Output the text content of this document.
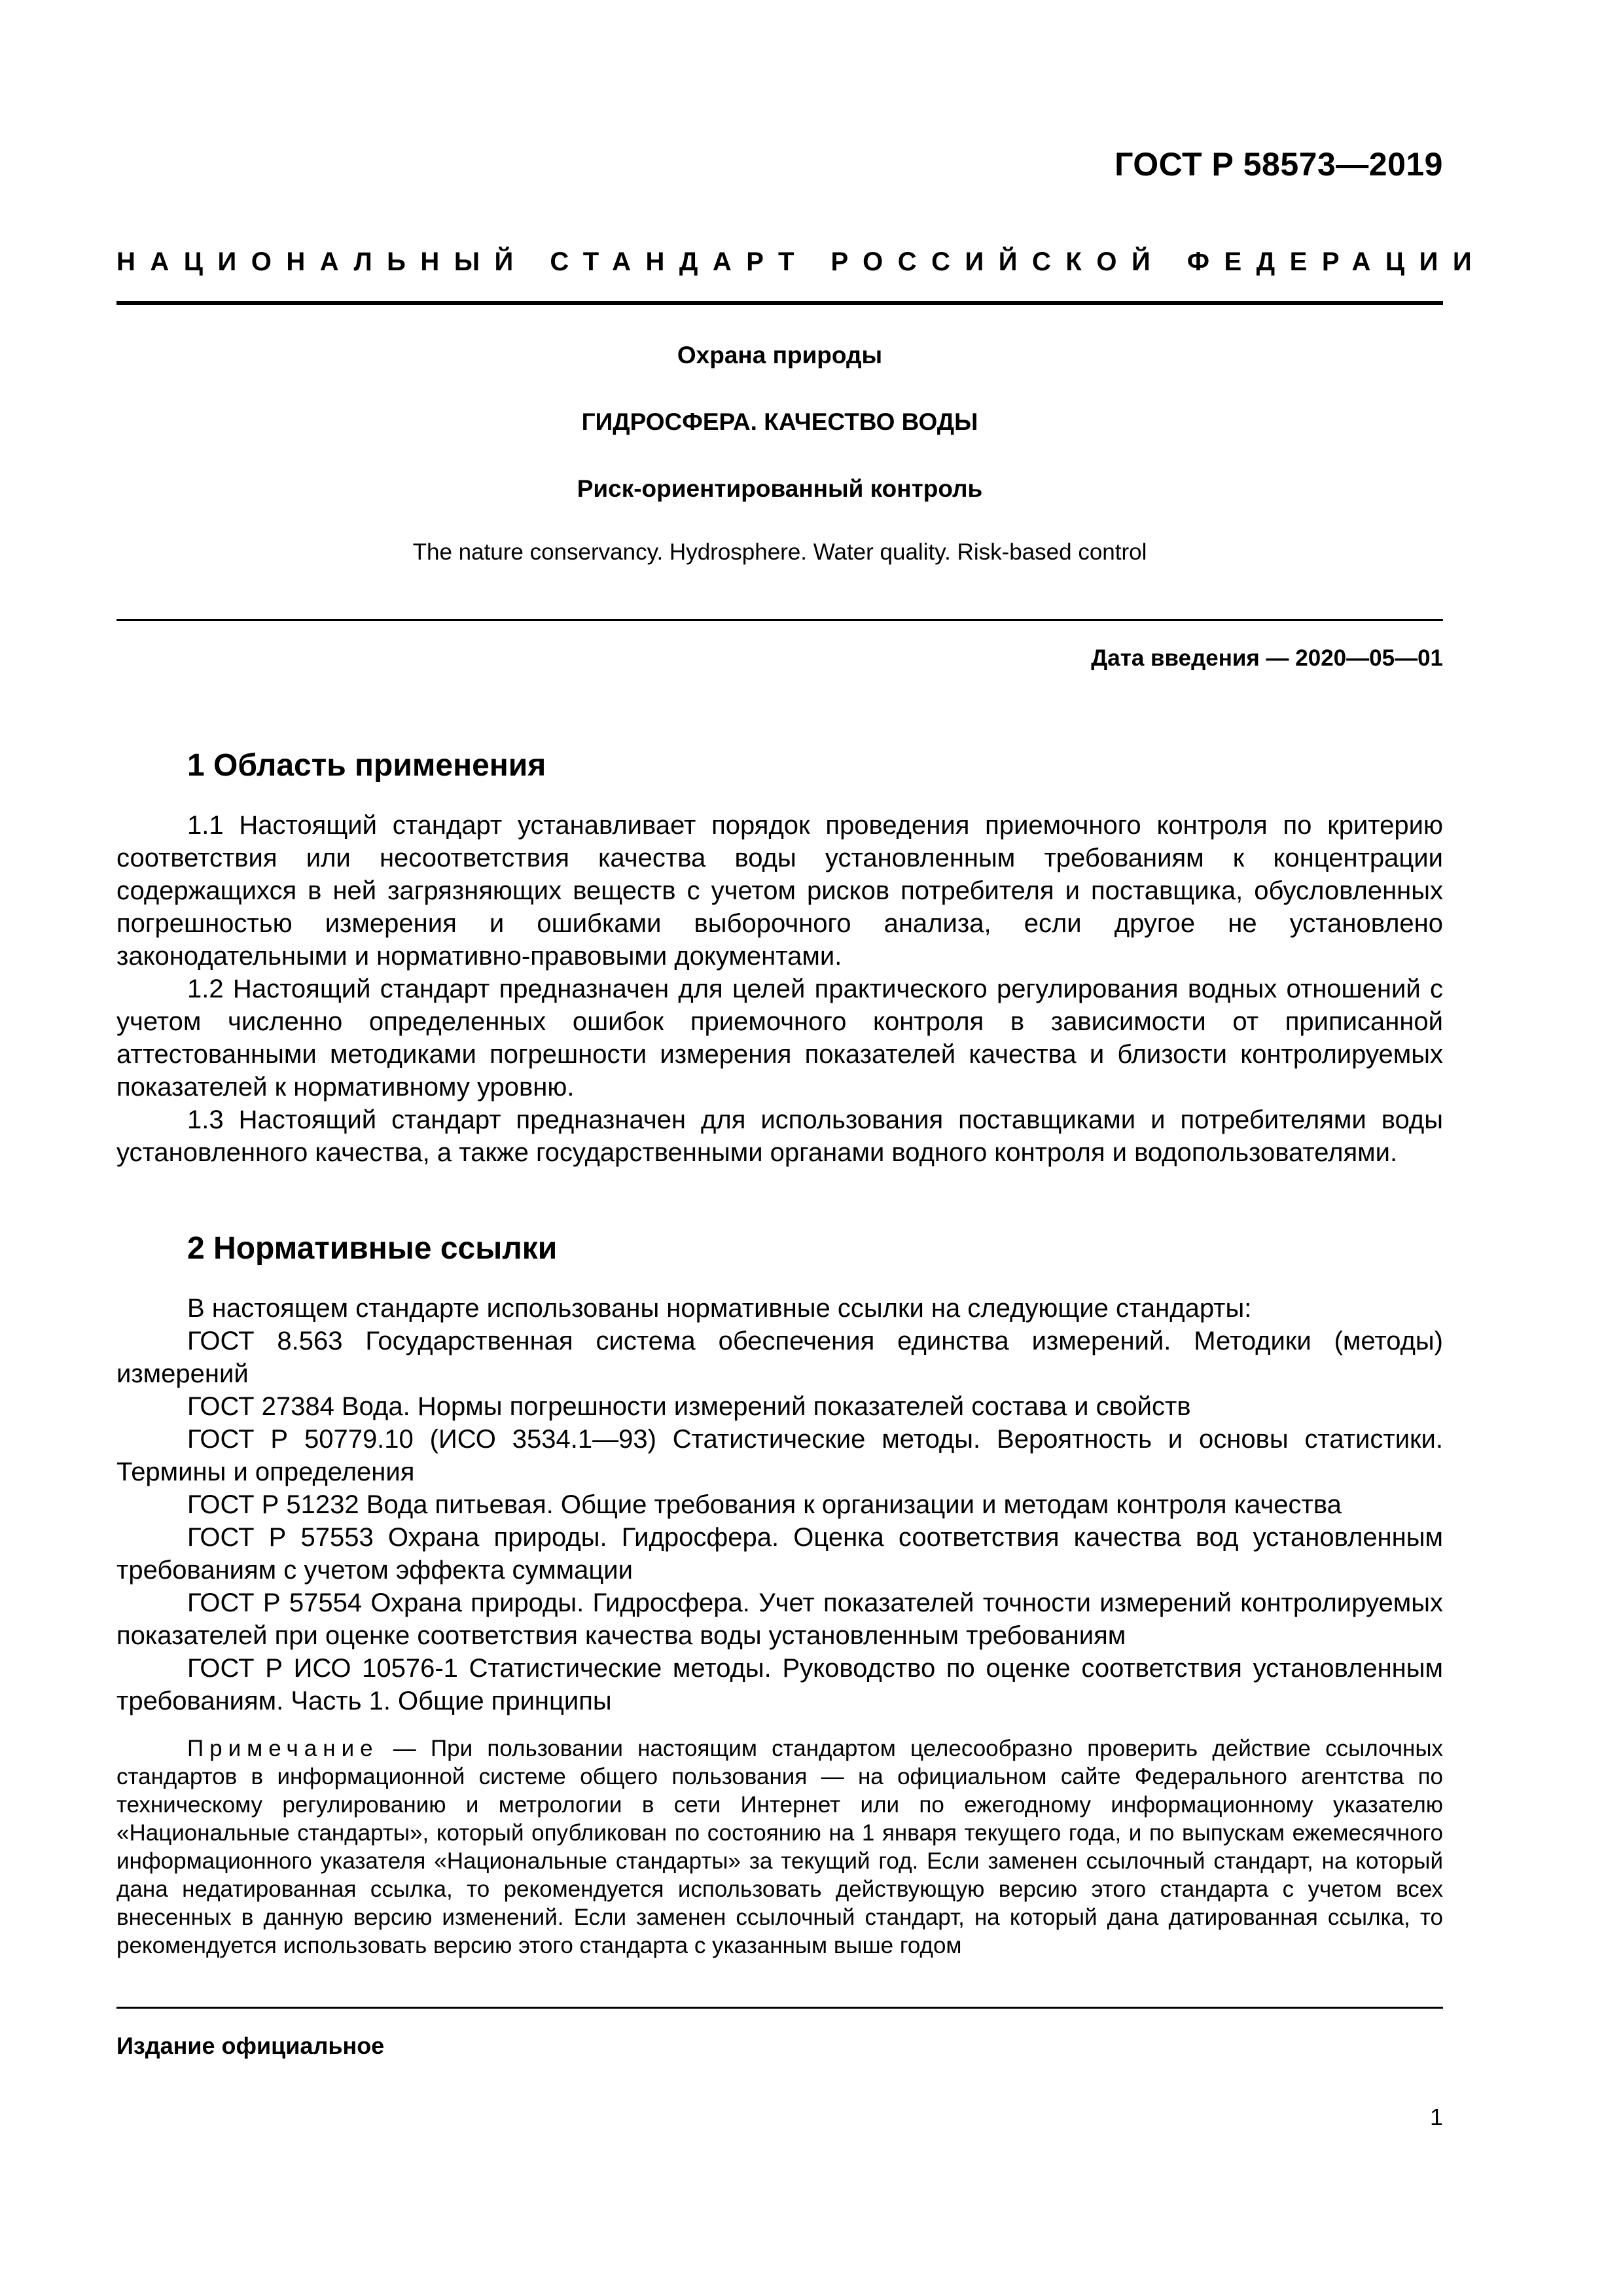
ГОСТ Р 58573—2019
НАЦИОНАЛЬНЫЙ СТАНДАРТ РОССИЙСКОЙ ФЕДЕРАЦИИ
Охрана природы
ГИДРОСФЕРА. КАЧЕСТВО ВОДЫ
Риск-ориентированный контроль
The nature conservancy. Hydrosphere. Water quality. Risk-based control
Дата введения — 2020—05—01
1 Область применения

1.1 Настоящий стандарт устанавливает порядок проведения приемочного контроля по критерию соответствия или несоответствия качества воды установленным требованиям к концентрации содержащихся в ней загрязняющих веществ с учетом рисков потребителя и поставщика, обусловленных погрешностью измерения и ошибками выборочного анализа, если другое не установлено законодательными и нормативно-правовыми документами.

1.2 Настоящий стандарт предназначен для целей практического регулирования водных отношений с учетом численно определенных ошибок приемочного контроля в зависимости от приписанной аттестованными методиками погрешности измерения показателей качества и близости контролируемых показателей к нормативному уровню.

1.3 Настоящий стандарт предназначен для использования поставщиками и потребителями воды установленного качества, а также государственными органами водного контроля и водопользователями.

2 Нормативные ссылки

В настоящем стандарте использованы нормативные ссылки на следующие стандарты:

ГОСТ 8.563 Государственная система обеспечения единства измерений. Методики (методы) измерений

ГОСТ 27384 Вода. Нормы погрешности измерений показателей состава и свойств

ГОСТ Р 50779.10 (ИСО 3534.1—93) Статистические методы. Вероятность и основы статистики. Термины и определения

ГОСТ Р 51232 Вода питьевая. Общие требования к организации и методам контроля качества

ГОСТ Р 57553 Охрана природы. Гидросфера. Оценка соответствия качества вод установленным требованиям с учетом эффекта суммации

ГОСТ Р 57554 Охрана природы. Гидросфера. Учет показателей точности измерений контролируемых показателей при оценке соответствия качества воды установленным требованиям

ГОСТ Р ИСО 10576-1 Статистические методы. Руководство по оценке соответствия установленным требованиям. Часть 1. Общие принципы

Примечание — При пользовании настоящим стандартом целесообразно проверить действие ссылочных стандартов в информационной системе общего пользования — на официальном сайте Федерального агентства по техническому регулированию и метрологии в сети Интернет или по ежегодному информационному указателю «Национальные стандарты», который опубликован по состоянию на 1 января текущего года, и по выпускам ежемесячного информационного указателя «Национальные стандарты» за текущий год. Если заменен ссылочный стандарт, на который дана недатированная ссылка, то рекомендуется использовать действующую версию этого стандарта с учетом всех внесенных в данную версию изменений. Если заменен ссылочный стандарт, на который дана датированная ссылка, то рекомендуется использовать версию этого стандарта с указанным выше годом

Издание официальное
1
